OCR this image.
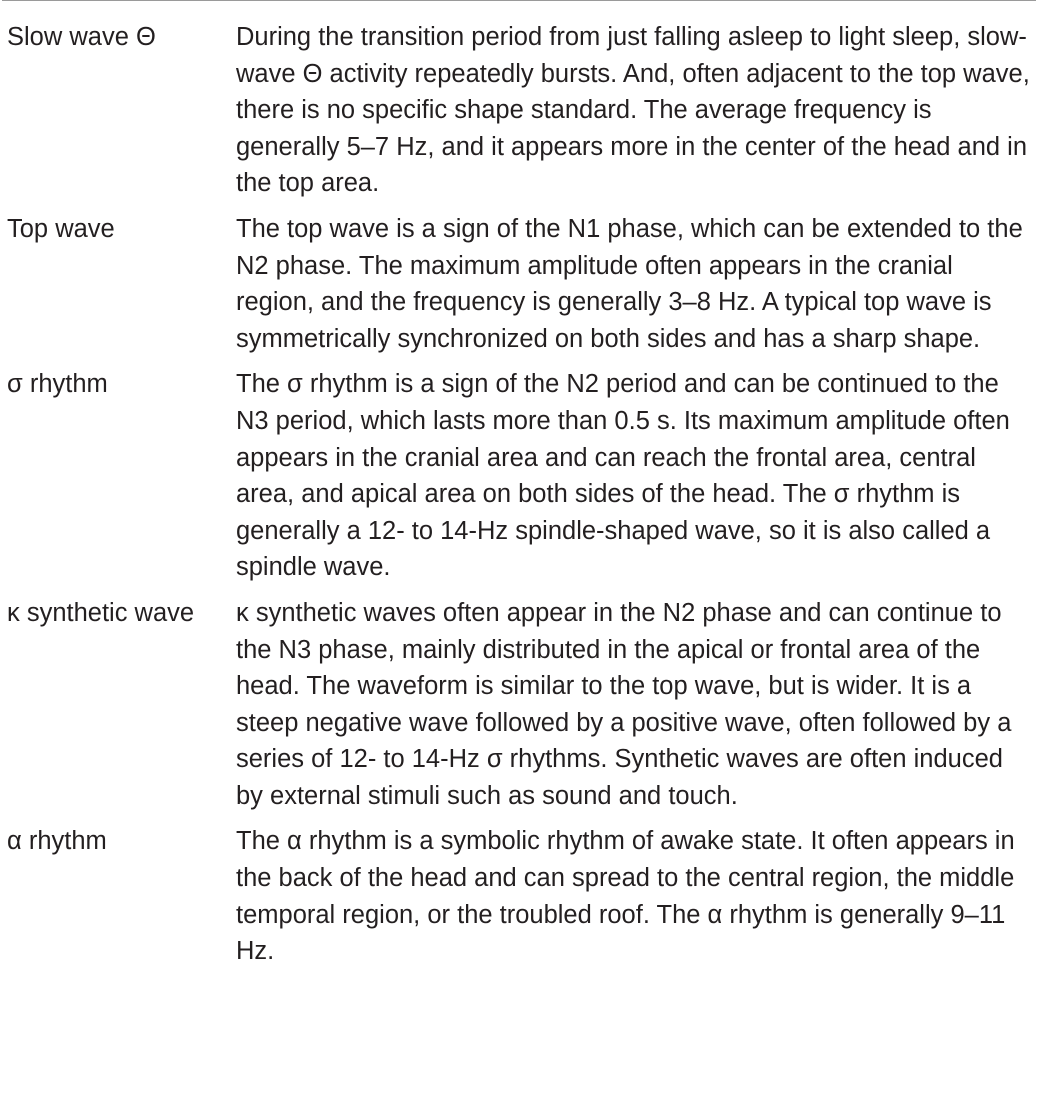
Slow wave Θ	During the transition period from just falling asleep to light sleep, slow-wave Θ activity repeatedly bursts. And, often adjacent to the top wave, there is no specific shape standard. The average frequency is generally 5–7 Hz, and it appears more in the center of the head and in the top area.
Top wave	The top wave is a sign of the N1 phase, which can be extended to the N2 phase. The maximum amplitude often appears in the cranial region, and the frequency is generally 3–8 Hz. A typical top wave is symmetrically synchronized on both sides and has a sharp shape.
σ rhythm	The σ rhythm is a sign of the N2 period and can be continued to the N3 period, which lasts more than 0.5 s. Its maximum amplitude often appears in the cranial area and can reach the frontal area, central area, and apical area on both sides of the head. The σ rhythm is generally a 12- to 14-Hz spindle-shaped wave, so it is also called a spindle wave.
κ synthetic wave	κ synthetic waves often appear in the N2 phase and can continue to the N3 phase, mainly distributed in the apical or frontal area of the head. The waveform is similar to the top wave, but is wider. It is a steep negative wave followed by a positive wave, often followed by a series of 12- to 14-Hz σ rhythms. Synthetic waves are often induced by external stimuli such as sound and touch.
α rhythm	The α rhythm is a symbolic rhythm of awake state. It often appears in the back of the head and can spread to the central region, the middle temporal region, or the troubled roof. The α rhythm is generally 9–11 Hz.
